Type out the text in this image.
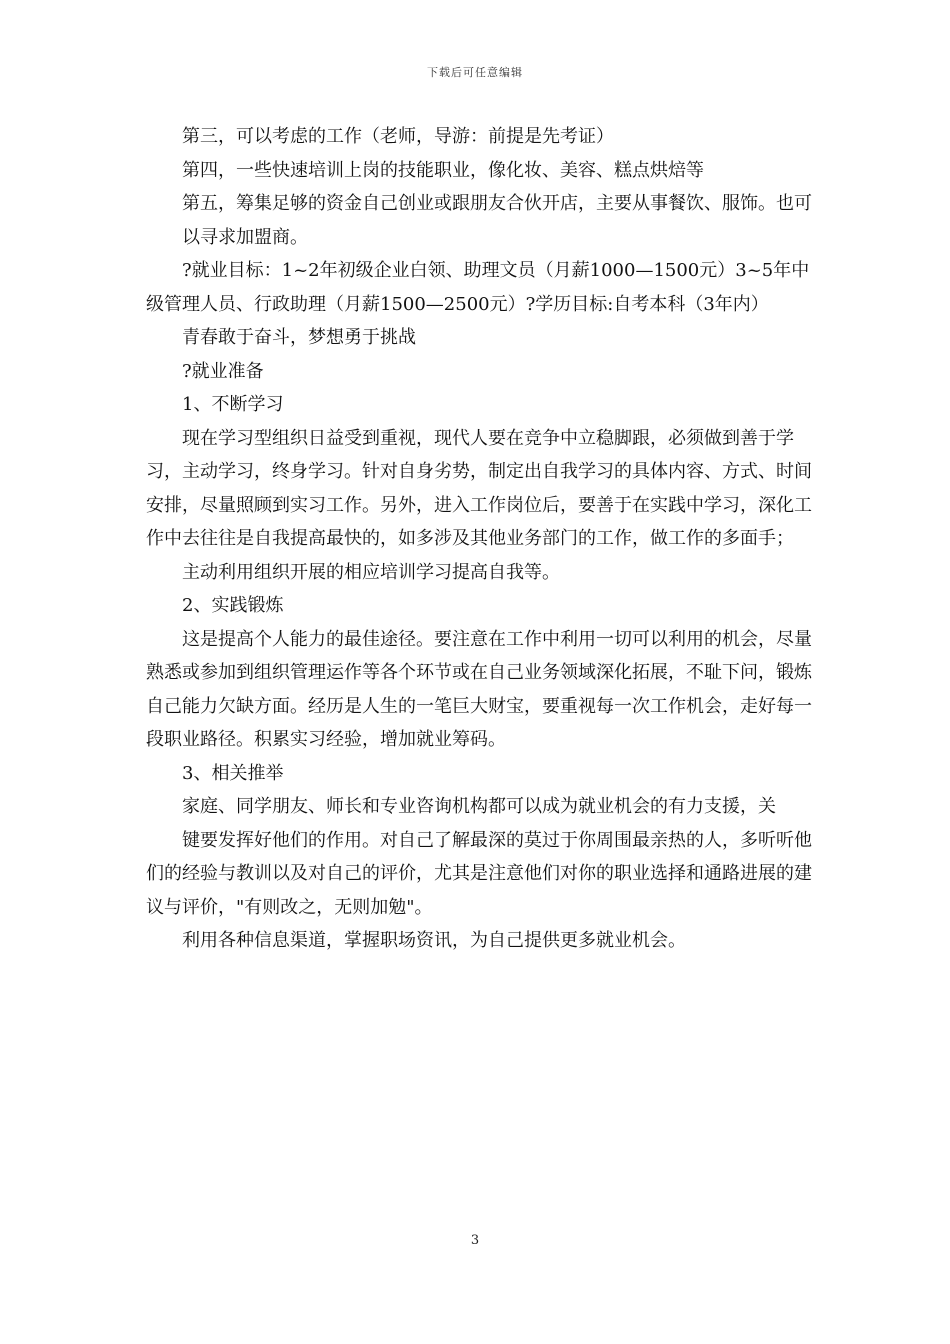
下载后可任意编辑

第三，可以考虑的工作（老师，导游：前提是先考证）

第四，一些快速培训上岗的技能职业，像化妆、美容、糕点烘焙等

第五，筹集足够的资金自己创业或跟朋友合伙开店，主要从事餐饮、服饰。也可

以寻求加盟商。

?就业目标：1~2年初级企业白领、助理文员（月薪1000—1500元）3~5年中级管理人员、行政助理（月薪1500—2500元）?学历目标:自考本科（3年内）

青春敢于奋斗，梦想勇于挑战

?就业准备

1、不断学习

现在学习型组织日益受到重视，现代人要在竞争中立稳脚跟，必须做到善于学习，主动学习，终身学习。针对自身劣势，制定出自我学习的具体内容、方式、时间安排，尽量照顾到实习工作。另外，进入工作岗位后，要善于在实践中学习，深化工作中去往往是自我提高最快的，如多涉及其他业务部门的工作，做工作的多面手；

主动利用组织开展的相应培训学习提高自我等。

2、实践锻炼

这是提高个人能力的最佳途径。要注意在工作中利用一切可以利用的机会，尽量熟悉或参加到组织管理运作等各个环节或在自己业务领域深化拓展，不耻下问，锻炼自己能力欠缺方面。经历是人生的一笔巨大财宝，要重视每一次工作机会，走好每一段职业路径。积累实习经验，增加就业筹码。

3、相关推举

家庭、同学朋友、师长和专业咨询机构都可以成为就业机会的有力支援，关

键要发挥好他们的作用。对自己了解最深的莫过于你周围最亲热的人，多听听他们的经验与教训以及对自己的评价，尤其是注意他们对你的职业选择和通路进展的建议与评价，"有则改之，无则加勉"。

利用各种信息渠道，掌握职场资讯，为自己提供更多就业机会。

3
